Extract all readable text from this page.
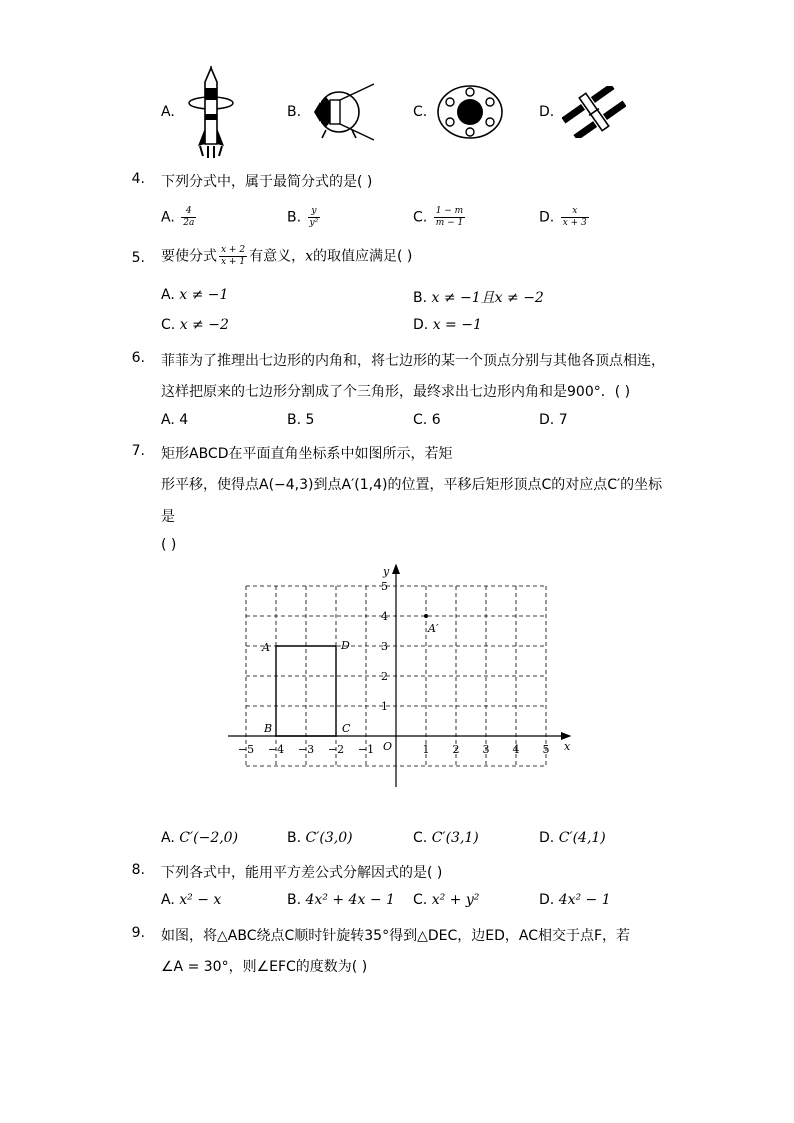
A.	B.	C.	D.
4. 下列分式中，属于最简分式的是( )
A. $\frac{4}{2a}$	B. $\frac{y}{\text{y²}}$	C. $\frac{1 - m}{m - 1}$	D. $\frac{x}{x + 3}$
5. 要使分式 $\frac{x + 2}{x + 1}$ 有意义，x的取值应满足( )
A. x ≠ −1	B. x ≠ −1且x ≠ −2
C. x ≠ −2	D. x = −1
6. 菲菲为了推理出七边形的内角和，将七边形的某一个顶点分别与其他各顶点相连，
这样把原来的七边形分割成了个三角形，最终求出七边形内角和是900°．( )
A. 4	B. 5	C. 6	D. 7
7. 矩形ABCD在平面直角坐标系中如图所示，若矩
形平移，使得点A(−4,3)到点A′(1,4)的位置，平移后矩形顶点C的对应点C′的坐标
是
( )
x
y
O
−5 −4 −3 −2 −1	1 2 3 4 5
1
2
3
4
5
A
B	C
D
A′
A. C′(−2,0)	B. C′(3,0)	C. C′(3,1)	D. C′(4,1)
8. 下列各式中，能用平方差公式分解因式的是( )
A. x² − x	B. 4x² + 4x − 1 C. x² + y²	D. 4x² − 1
9. 如图，将△ABC绕点C顺时针旋转35°得到△DEC，边ED，AC相交于点F，若
∠A = 30°，则∠EFC的度数为( )
